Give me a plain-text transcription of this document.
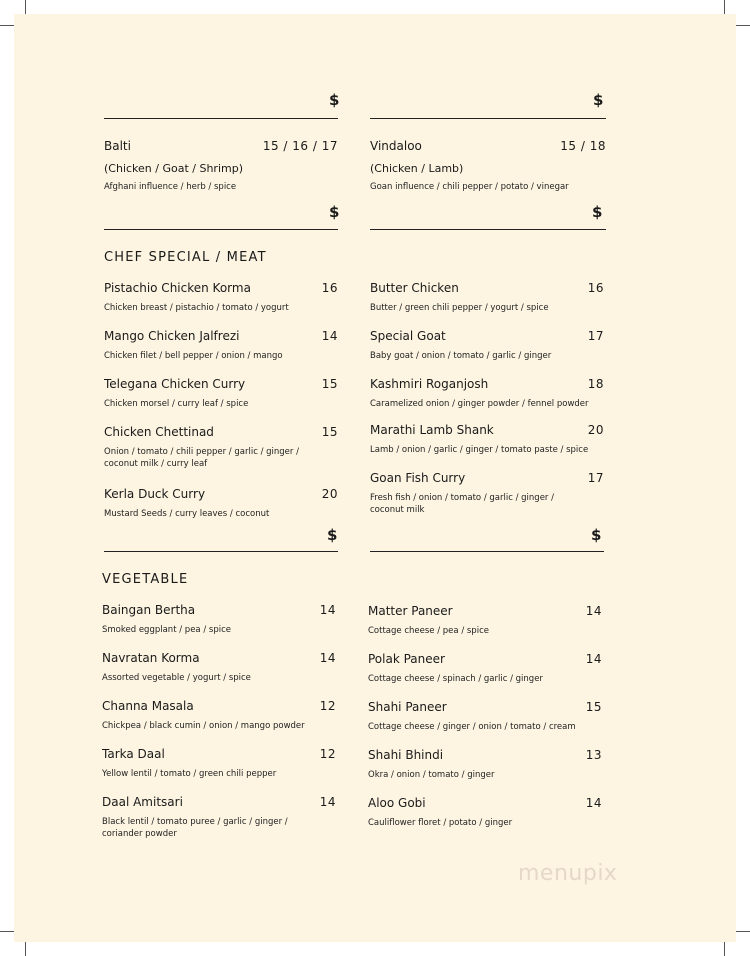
$	$
Balti	15 / 16 / 17
(Chicken / Goat / Shrimp)
Afghani influence / herb / spice
Vindaloo	15 / 18
(Chicken / Lamb)
Goan influence / chili pepper / potato / vinegar
$	$
CHEF SPECIAL / MEAT
Pistachio Chicken Korma	16
Chicken breast / pistachio / tomato / yogurt
Mango Chicken Jalfrezi	14
Chicken filet / bell pepper / onion / mango
Telegana Chicken Curry	15
Chicken morsel / curry leaf / spice
Chicken Chettinad	15
Onion / tomato / chili pepper / garlic / ginger / coconut milk / curry leaf
Kerla Duck Curry	20
Mustard Seeds / curry leaves / coconut
Butter Chicken	16
Butter / green chili pepper / yogurt / spice
Special Goat	17
Baby goat / onion / tomato / garlic / ginger
Kashmiri Roganjosh	18
Caramelized onion / ginger powder / fennel powder
Marathi Lamb Shank	20
Lamb / onion / garlic / ginger / tomato paste / spice
Goan Fish Curry	17
Fresh fish / onion / tomato / garlic / ginger / coconut milk
$	$
VEGETABLE
Baingan Bertha	14
Smoked eggplant / pea / spice
Navratan Korma	14
Assorted vegetable / yogurt / spice
Channa Masala	12
Chickpea / black cumin / onion / mango powder
Tarka Daal	12
Yellow lentil / tomato / green chili pepper
Daal Amitsari	14
Black lentil / tomato puree / garlic / ginger / coriander powder
Matter Paneer	14
Cottage cheese / pea / spice
Polak Paneer	14
Cottage cheese / spinach / garlic / ginger
Shahi Paneer	15
Cottage cheese / ginger / onion / tomato / cream
Shahi Bhindi	13
Okra / onion / tomato / ginger
Aloo Gobi	14
Cauliflower floret / potato / ginger
menupix
